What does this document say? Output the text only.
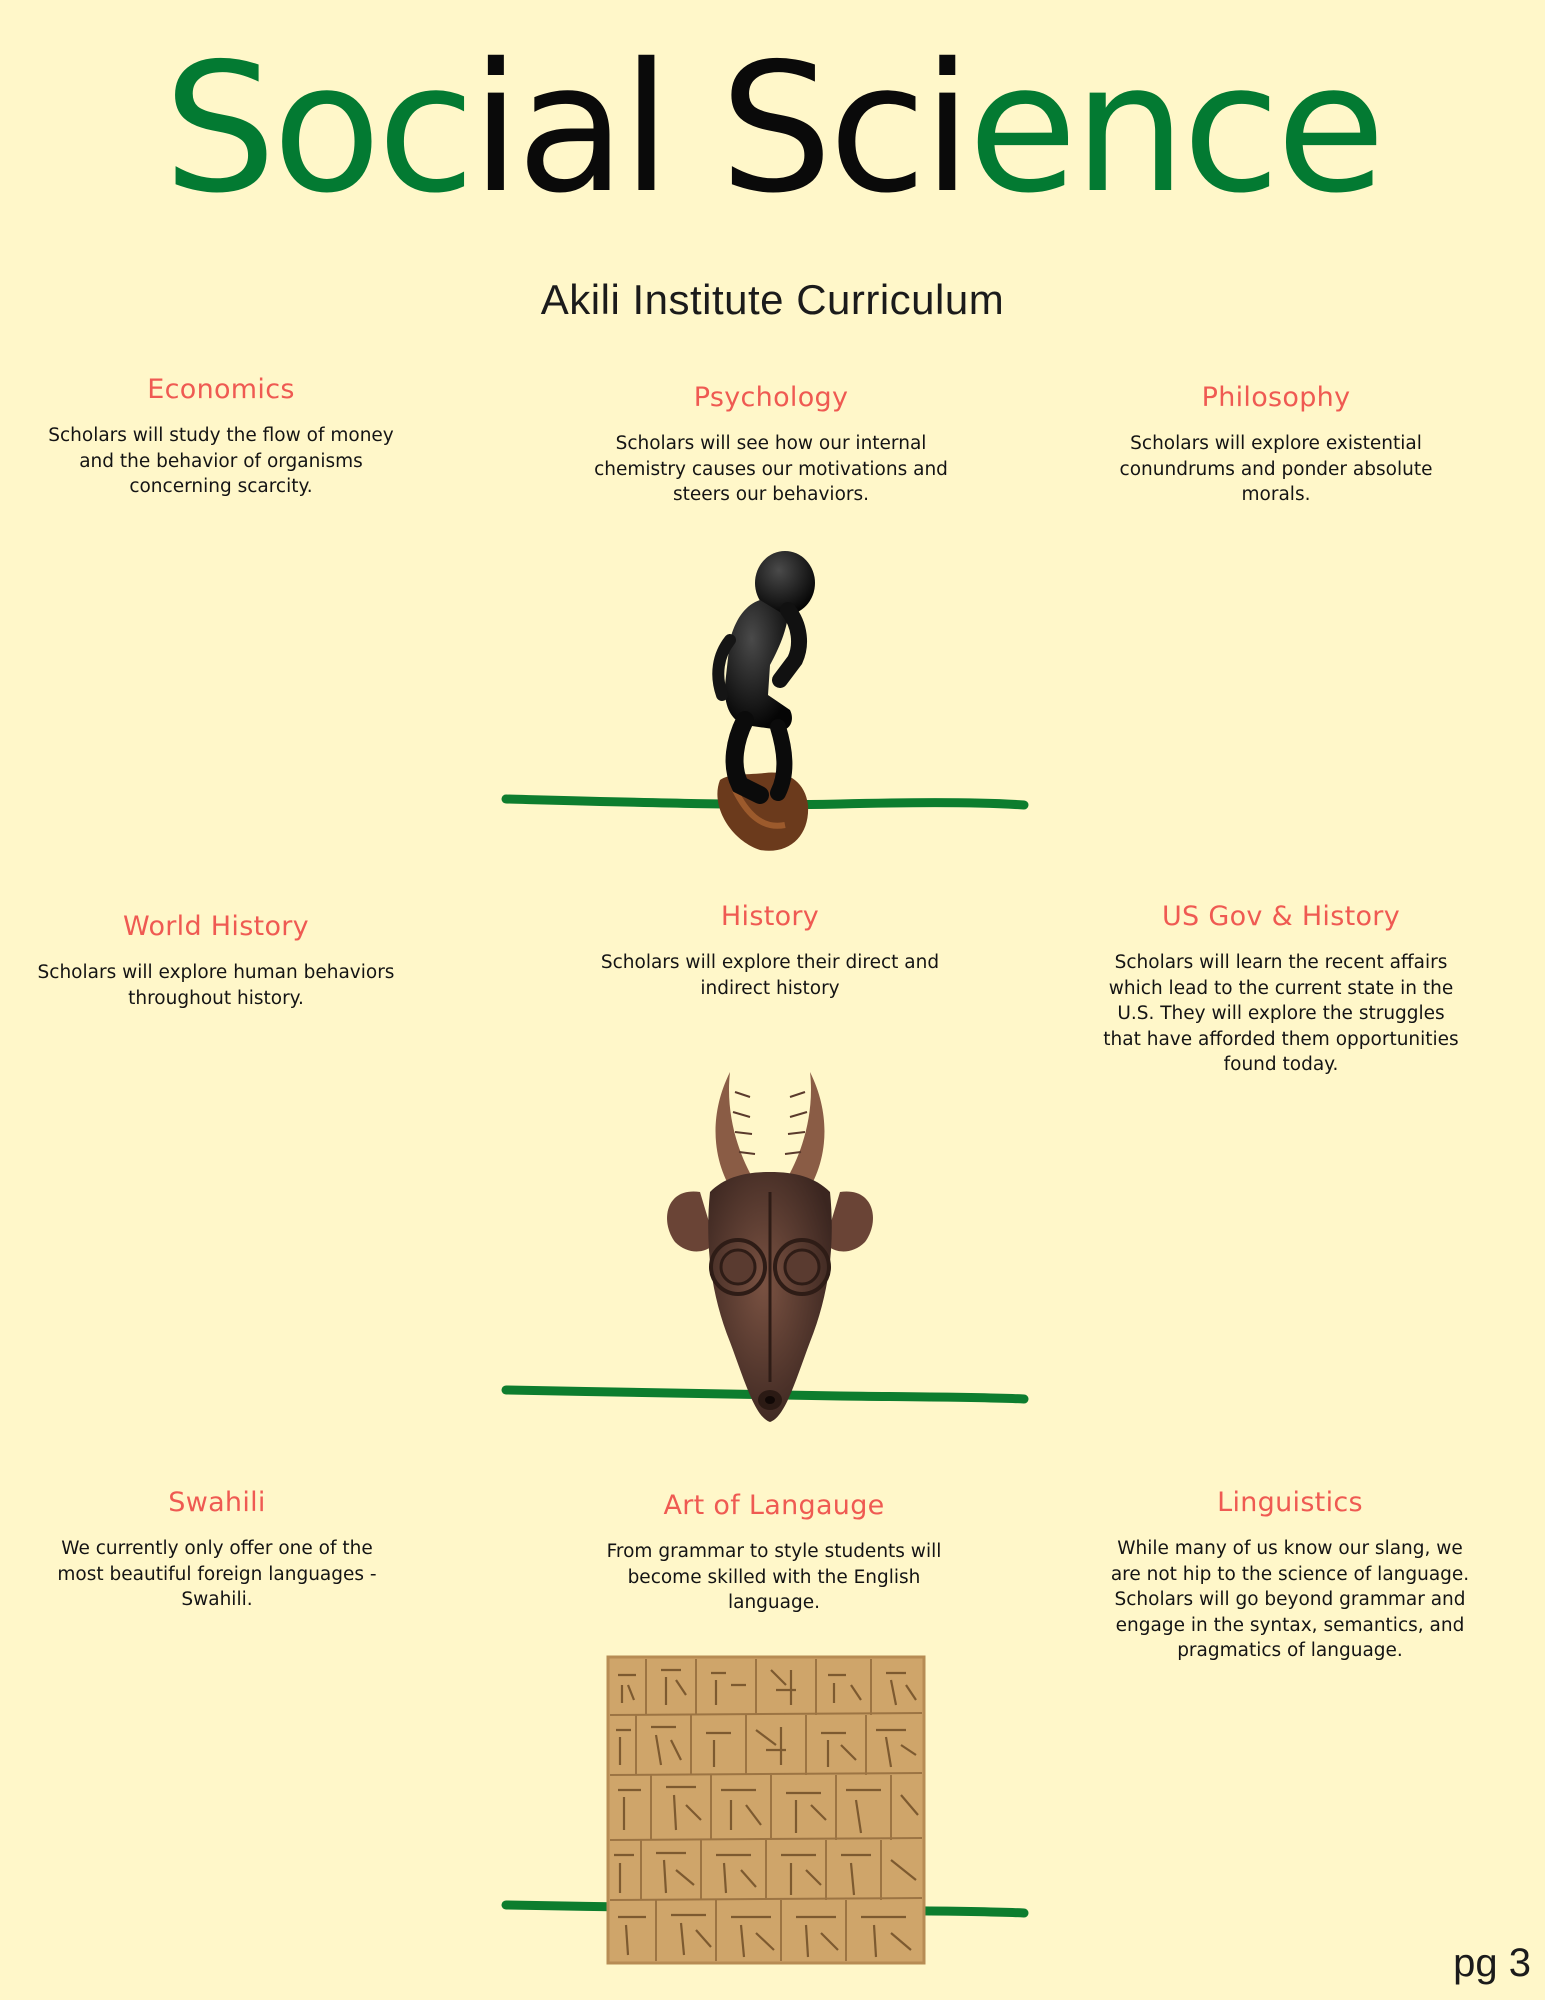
Social Science
Akili Institute Curriculum
Economics

Scholars will study the flow of money and the behavior of organisms concerning scarcity.

Psychology

Scholars will see how our internal chemistry causes our motivations and steers our behaviors.

Philosophy

Scholars will explore existential conundrums and ponder absolute morals.

World History

Scholars will explore human behaviors throughout history.

History

Scholars will explore their direct and indirect history

US Gov & History

Scholars will learn the recent affairs which lead to the current state in the U.S. They will explore the struggles that have afforded them opportunities found today.

Swahili

We currently only offer one of the most beautiful foreign languages - Swahili.

Art of Langauge

From grammar to style students will become skilled with the English language.

Linguistics

While many of us know our slang, we are not hip to the science of language. Scholars will go beyond grammar and engage in the syntax, semantics, and pragmatics of language.

pg 3
